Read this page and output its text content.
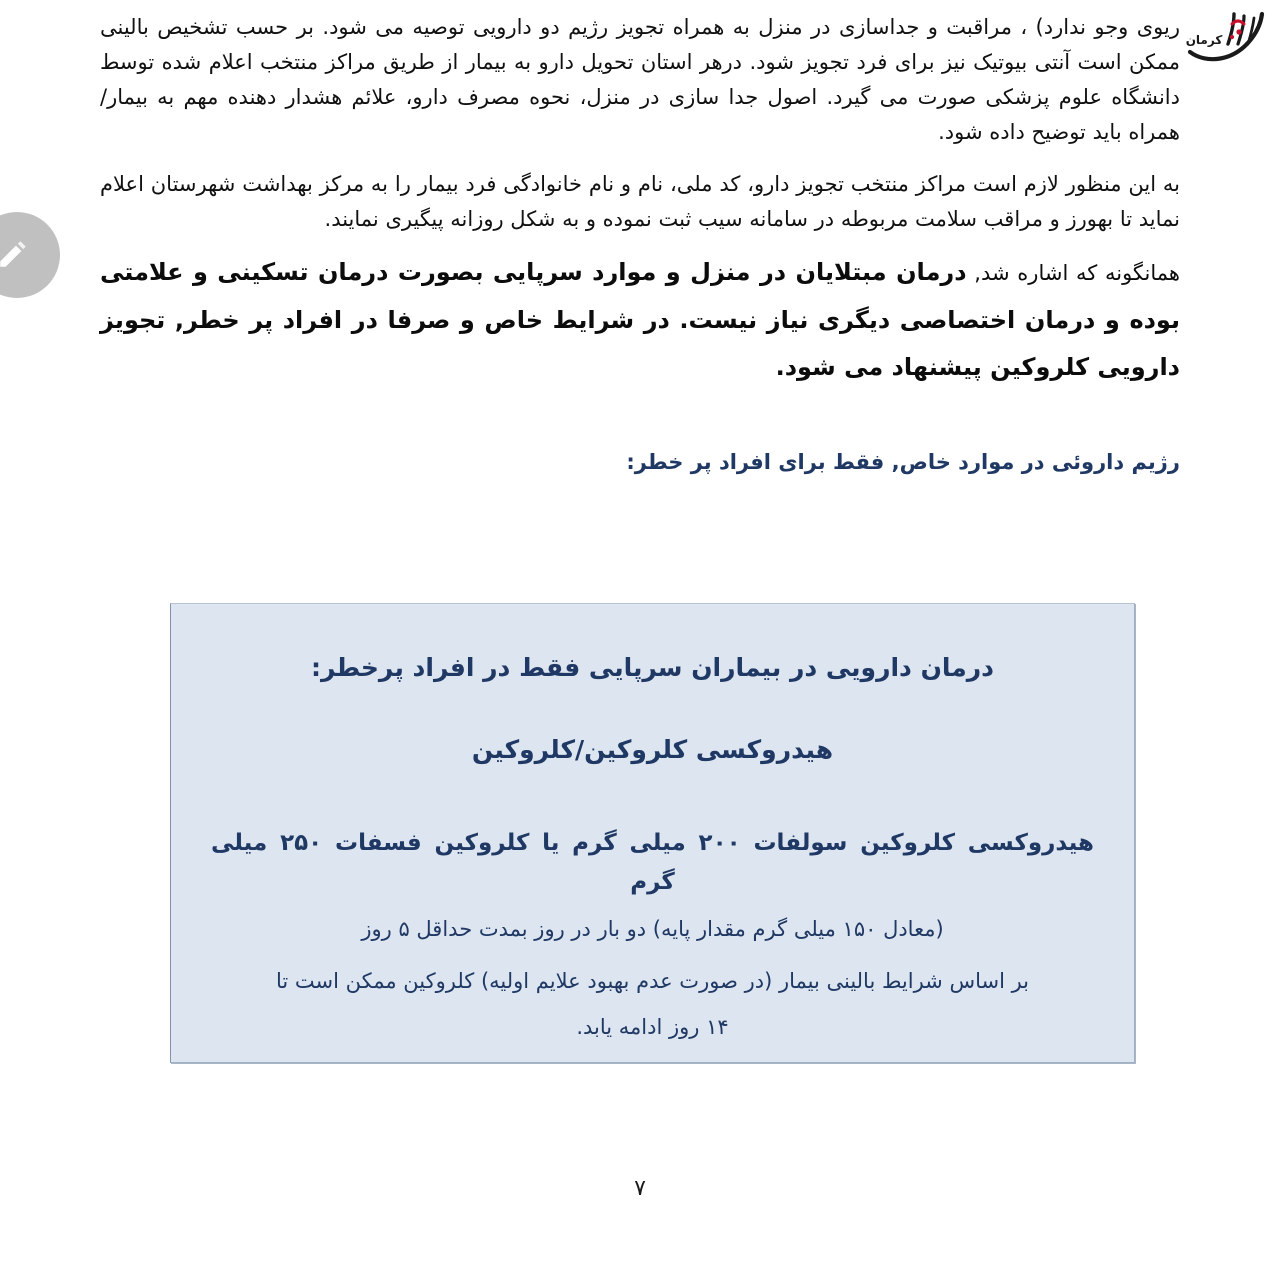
کرمان

ریوی وجو ندارد) ، مراقبت و جداسازی در منزل به همراه تجویز رژیم دو دارویی توصیه می شود. بر حسب تشخیص بالینی ممکن است آنتی بیوتیک نیز برای فرد تجویز شود. درهر استان تحویل دارو به بیمار از طریق مراکز منتخب اعلام شده توسط دانشگاه علوم پزشکی صورت می گیرد. اصول جدا سازی در منزل، نحوه مصرف دارو، علائم هشدار دهنده مهم به بیمار/همراه باید توضیح داده شود.

به این منظور لازم است مراکز منتخب تجویز دارو، کد ملی، نام و نام خانوادگی فرد بیمار را به مرکز بهداشت شهرستان اعلام نماید تا بهورز و مراقب سلامت مربوطه در سامانه سیب ثبت نموده و به شکل روزانه پیگیری نمایند.

همانگونه که اشاره شد, درمان مبتلایان در منزل و موارد سرپایی بصورت درمان تسکینی و علامتی بوده و درمان اختصاصی دیگری نیاز نیست. در شرایط خاص و صرفا در افراد پر خطر, تجویز دارویی کلروکین پیشنهاد می شود.

رژیم داروئی در موارد خاص, فقط برای افراد پر خطر:

درمان دارویی در بیماران سرپایی فقط در افراد پرخطر:

هیدروکسی کلروکین/کلروکین

هیدروکسی کلروکین سولفات ۲۰۰ میلی گرم یا کلروکین فسفات ۲۵۰ میلی گرم

(معادل ۱۵۰ میلی گرم مقدار پایه) دو بار در روز بمدت حداقل ۵ روز

بر اساس شرایط بالینی بیمار (در صورت عدم بهبود علایم اولیه) کلروکین ممکن است تا

۱۴ روز ادامه یابد.

۷
